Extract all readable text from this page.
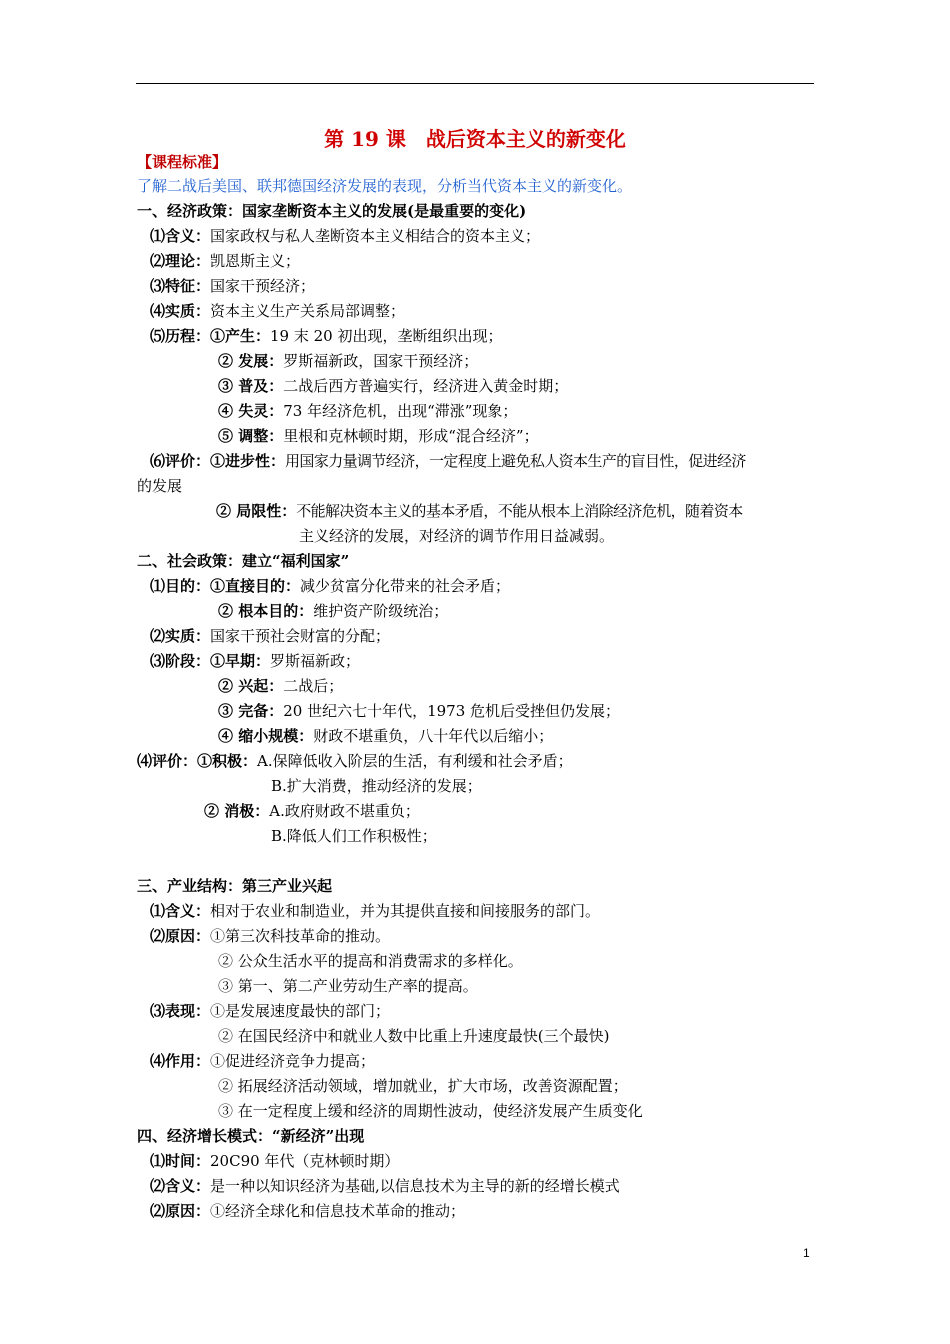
第 19 课　战后资本主义的新变化
【课程标准】
了解二战后美国、联邦德国经济发展的表现，分析当代资本主义的新变化。
一、经济政策：国家垄断资本主义的发展(是最重要的变化)
⑴含义：国家政权与私人垄断资本主义相结合的资本主义；
⑵理论：凯恩斯主义；
⑶特征：国家干预经济；
⑷实质：资本主义生产关系局部调整；
⑸历程：①产生：19 末 20 初出现，垄断组织出现；
② 发展：罗斯福新政，国家干预经济；
③ 普及：二战后西方普遍实行，经济进入黄金时期；
④ 失灵：73 年经济危机，出现“滞涨”现象；
⑤ 调整：里根和克林顿时期，形成“混合经济”；
⑹评价：①进步性：用国家力量调节经济，一定程度上避免私人资本生产的盲目性，促进经济
的发展
② 局限性：不能解决资本主义的基本矛盾，不能从根本上消除经济危机，随着资本
主义经济的发展，对经济的调节作用日益减弱。
二、社会政策：建立“福利国家”
⑴目的：①直接目的：减少贫富分化带来的社会矛盾；
② 根本目的：维护资产阶级统治；
⑵实质：国家干预社会财富的分配；
⑶阶段：①早期：罗斯福新政；
② 兴起：二战后；
③ 完备：20 世纪六七十年代，1973 危机后受挫但仍发展；
④ 缩小规模：财政不堪重负，八十年代以后缩小；
⑷评价：①积极：A.保障低收入阶层的生活，有利缓和社会矛盾；
B.扩大消费，推动经济的发展；
② 消极：A.政府财政不堪重负；
B.降低人们工作积极性；
三、产业结构：第三产业兴起
⑴含义：相对于农业和制造业，并为其提供直接和间接服务的部门。
⑵原因：①第三次科技革命的推动。
② 公众生活水平的提高和消费需求的多样化。
③ 第一、第二产业劳动生产率的提高。
⑶表现：①是发展速度最快的部门；
② 在国民经济中和就业人数中比重上升速度最快(三个最快)
⑷作用：①促进经济竞争力提高；
② 拓展经济活动领域，增加就业，扩大市场，改善资源配置；
③ 在一定程度上缓和经济的周期性波动，使经济发展产生质变化
四、经济增长模式：“新经济”出现
⑴时间：20C90 年代（克林顿时期）
⑵含义：是一种以知识经济为基础,以信息技术为主导的新的经增长模式
⑵原因：①经济全球化和信息技术革命的推动；
1
